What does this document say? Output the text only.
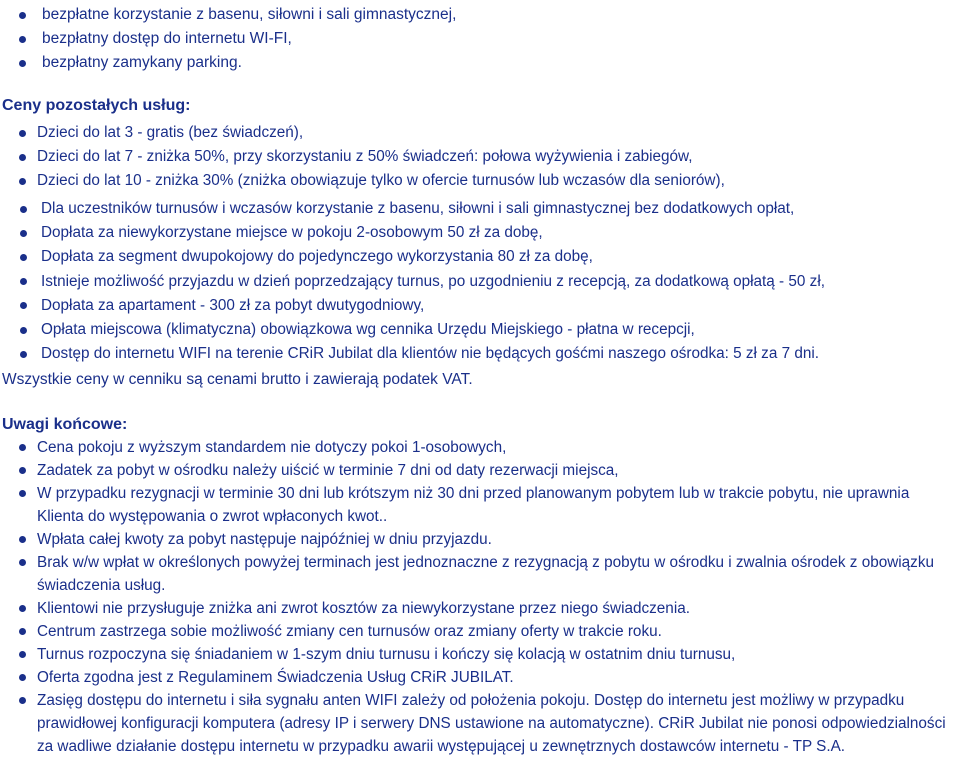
bezpłatne korzystanie z basenu, siłowni i sali gimnastycznej,
bezpłatny dostęp do internetu WI-FI,
bezpłatny zamykany parking.
Ceny pozostałych usług:
Dzieci do lat 3 - gratis (bez świadczeń),
Dzieci do lat 7 - zniżka 50%, przy skorzystaniu z 50% świadczeń: połowa wyżywienia i zabiegów,
Dzieci do lat 10 - zniżka 30% (zniżka obowiązuje tylko w ofercie turnusów lub wczasów dla seniorów),
Dla uczestników turnusów i wczasów korzystanie z basenu, siłowni i sali gimnastycznej bez dodatkowych opłat,
Dopłata za niewykorzystane miejsce w pokoju 2-osobowym 50 zł za dobę,
Dopłata za segment dwupokojowy do pojedynczego wykorzystania 80 zł za dobę,
Istnieje możliwość przyjazdu w dzień poprzedzający turnus, po uzgodnieniu z recepcją, za dodatkową opłatą - 50 zł,
Dopłata za apartament - 300 zł za pobyt dwutygodniowy,
Opłata miejscowa (klimatyczna) obowiązkowa wg cennika Urzędu Miejskiego - płatna w recepcji,
Dostęp do internetu WIFI na terenie CRiR Jubilat dla klientów nie będących gośćmi naszego ośrodka: 5 zł za 7 dni.
Wszystkie ceny w cenniku są cenami brutto i zawierają podatek VAT.
Uwagi końcowe:
Cena pokoju z wyższym standardem nie dotyczy pokoi 1-osobowych,
Zadatek za pobyt w ośrodku należy uiścić w terminie 7 dni od daty rezerwacji miejsca,
W przypadku rezygnacji w terminie 30 dni lub krótszym niż 30 dni przed planowanym pobytem lub w trakcie pobytu, nie uprawnia Klienta do występowania o zwrot wpłaconych kwot..
Wpłata całej kwoty za pobyt następuje najpóźniej w dniu przyjazdu.
Brak w/w wpłat w określonych powyżej terminach jest jednoznaczne z rezygnacją z pobytu w ośrodku i zwalnia ośrodek z obowiązku świadczenia usług.
Klientowi nie przysługuje zniżka ani zwrot kosztów za niewykorzystane przez niego świadczenia.
Centrum zastrzega sobie możliwość zmiany cen turnusów oraz zmiany oferty w trakcie roku.
Turnus rozpoczyna się śniadaniem w 1-szym dniu turnusu i kończy się kolacją w ostatnim dniu turnusu,
Oferta zgodna jest z Regulaminem Świadczenia Usług CRiR JUBILAT.
Zasięg dostępu do internetu i siła sygnału anten WIFI zależy od położenia pokoju. Dostęp do internetu jest możliwy w przypadku prawidłowej konfiguracji komputera (adresy IP i serwery DNS ustawione na automatyczne). CRiR Jubilat nie ponosi odpowiedzialności za wadliwe działanie dostępu internetu w przypadku awarii występującej u zewnętrznych dostawców internetu - TP S.A.
